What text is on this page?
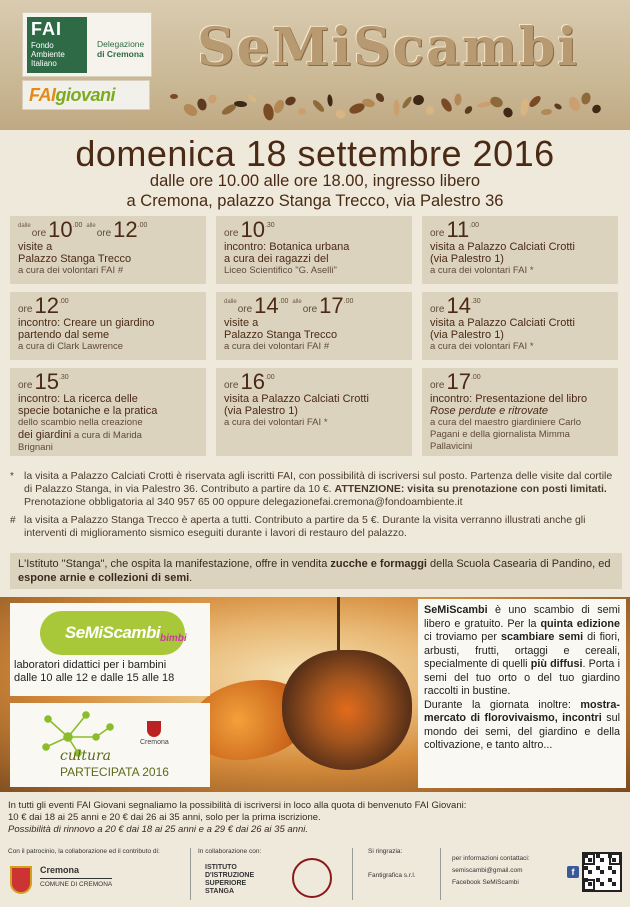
FAI
Fondo
Ambiente
Italiano
Delegazione
di Cremona
FAI giovani
SeMiScambi
domenica 18 settembre 2016
dalle ore 10.00 alle ore 18.00, ingresso libero
a Cremona, palazzo Stanga Trecco, via Palestro 36
dalle
ore 10 .00 alle
ore 12 .00
visite a
Palazzo Stanga Trecco
a cura dei volontari FAI #
ore 10 .30
incontro: Botanica urbana
a cura dei ragazzi del
Liceo Scientifico "G. Aselli"
ore 11 .00
visita a Palazzo Calciati Crotti
(via Palestro 1)
a cura dei volontari FAI *
ore 12 .00
incontro: Creare un giardino
partendo dal seme
a cura di Clark Lawrence
dalle
ore 14 .00 alle
ore 17 .00
visite a
Palazzo Stanga Trecco
a cura dei volontari FAI #
ore 14 .30
visita a Palazzo Calciati Crotti
(via Palestro 1)
a cura dei volontari FAI *
ore 15 .30
incontro: La ricerca delle
specie botaniche e la pratica
dello scambio nella creazione
dei giardini a cura di Marida
Brignani
ore 16 .00
visita a Palazzo Calciati Crotti
(via Palestro 1)
a cura dei volontari FAI *
ore 17 .00
incontro: Presentazione del libro
Rose perdute e ritrovate
a cura del maestro giardiniere Carlo
Pagani e della giornalista Mimma
Pallavicini
* la visita a Palazzo Calciati Crotti è riservata agli iscritti FAI, con possibilità di iscriversi sul posto. Partenza delle visite dal cortile di Palazzo Stanga, in via Palestro 36. Contributo a partire da 10 €. ATTENZIONE: visita su prenotazione con posti limitati. Prenotazione obbligatoria al 340 957 65 00 oppure delegazionefai.cremona@fondoambiente.it
# la visita a Palazzo Stanga Trecco è aperta a tutti. Contributo a partire da 5 €. Durante la visita verranno illustrati anche gli interventi di miglioramento sismico eseguiti durante i lavori di restauro del palazzo.
L'Istituto "Stanga", che ospita la manifestazione, offre in vendita zucche e formaggi della Scuola Casearia di Pandino, ed espone arnie e collezioni di semi.
SeMiScambi bimbi
laboratori didattici per i bambini
dalle 10 alle 12 e dalle 15 alle 18
Cremona
cultura
PARTECIPATA 2016

SeMiScambi è uno scambio di semi libero e gratuito. Per la quinta edizione ci troviamo per scambiare semi di fiori, arbusti, frutti, ortaggi e cereali, specialmente di quelli più diffusi. Porta i semi del tuo orto o del tuo giardino raccolti in bustine.

Durante la giornata inoltre: mostra-mercato di florovivaismo, incontri sul mondo dei semi, del giardino e della coltivazione, e tanto altro...

In tutti gli eventi FAI Giovani segnaliamo la possibilità di iscriversi in loco alla quota di benvenuto FAI Giovani:
10 € dai 18 ai 25 anni e 20 € dai 26 ai 35 anni, solo per la prima iscrizione.
Possibilità di rinnovo a 20 € dai 18 ai 25 anni e a 29 € dai 26 ai 35 anni.
Con il patrocinio, la collaborazione ed il contributo di:
Cremona
COMUNE DI CREMONA
In collaborazione con:
ISTITUTO D'ISTRUZIONE SUPERIORE STANGA
Si ringrazia:
Fantigrafica s.r.l.
per informazioni contattaci:
semiscambi@gmail.com
Facebook SeMiScambi
f
